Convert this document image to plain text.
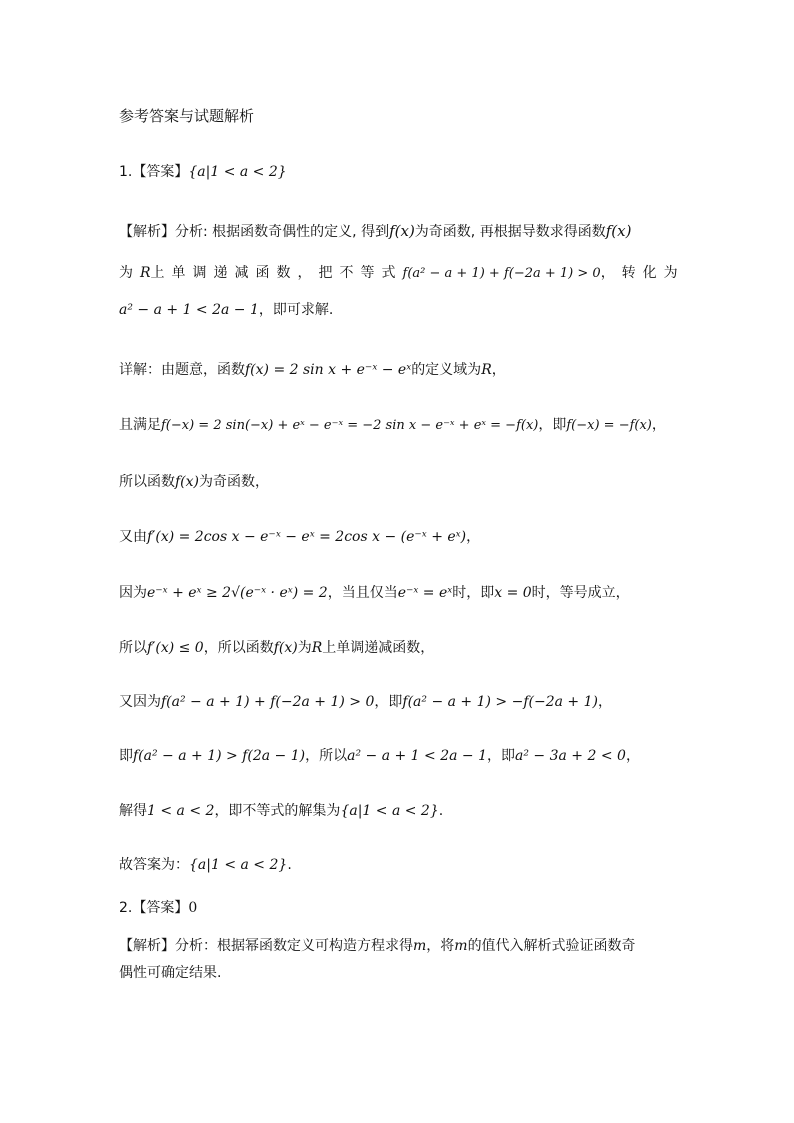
参考答案与试题解析
1.【答案】{a|1 < a < 2}
【解析】分析: 根据函数奇偶性的定义, 得到f(x)为奇函数, 再根据导数求得函数f(x)
为R上单调递减函数，把不等式f(a² − a + 1) + f(−2a + 1) > 0，转化为
a² − a + 1 < 2a − 1，即可求解.
详解：由题意，函数f(x) = 2 sin x + e⁻ˣ − eˣ的定义域为R，
且满足f(−x) = 2 sin(−x) + eˣ − e⁻ˣ = −2 sin x − e⁻ˣ + eˣ = −f(x)，即f(−x) = −f(x)，
所以函数f(x)为奇函数，
又由f′(x) = 2cos x − e⁻ˣ − eˣ = 2cos x − (e⁻ˣ + eˣ)，
因为e⁻ˣ + eˣ ≥ 2√(e⁻ˣ · eˣ) = 2，当且仅当e⁻ˣ = eˣ时，即x = 0时，等号成立，
所以f′(x) ≤ 0，所以函数f(x)为R上单调递减函数，
又因为f(a² − a + 1) + f(−2a + 1) > 0，即f(a² − a + 1) > −f(−2a + 1)，
即f(a² − a + 1) > f(2a − 1)，所以a² − a + 1 < 2a − 1，即a² − 3a + 2 < 0，
解得1 < a < 2，即不等式的解集为{a|1 < a < 2}.
故答案为：{a|1 < a < 2}.
2.【答案】0
【解析】分析：根据幂函数定义可构造方程求得m，将m的值代入解析式验证函数奇
偶性可确定结果.
